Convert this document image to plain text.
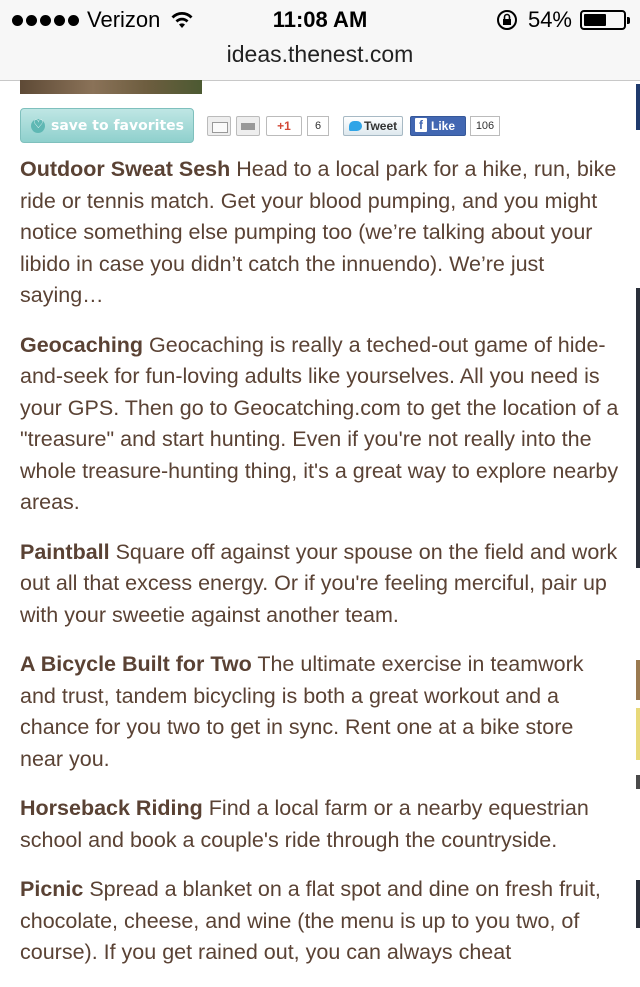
Verizon	11:08 AM	54%
ideas.thenest.com
♡
save to favorites	+1	6	Tweet
f	Like	106

Outdoor Sweat Sesh Head to a local park for a hike, run, bike ride or tennis match. Get your blood pumping, and you might notice something else pumping too (we’re talking about your libido in case you didn’t catch the innuendo). We’re just saying…

Geocaching Geocaching is really a teched-out game of hide-and-seek for fun-loving adults like yourselves. All you need is your GPS. Then go to Geocatching.com to get the location of a "treasure" and start hunting. Even if you're not really into the whole treasure-hunting thing, it's a great way to explore nearby areas.

Paintball Square off against your spouse on the field and work out all that excess energy. Or if you're feeling merciful, pair up with your sweetie against another team.

A Bicycle Built for Two The ultimate exercise in teamwork and trust, tandem bicycling is both a great workout and a chance for you two to get in sync. Rent one at a bike store near you.

Horseback Riding Find a local farm or a nearby equestrian school and book a couple's ride through the countryside.

Picnic Spread a blanket on a flat spot and dine on fresh fruit, chocolate, cheese, and wine (the menu is up to you two, of course). If you get rained out, you can always cheat
